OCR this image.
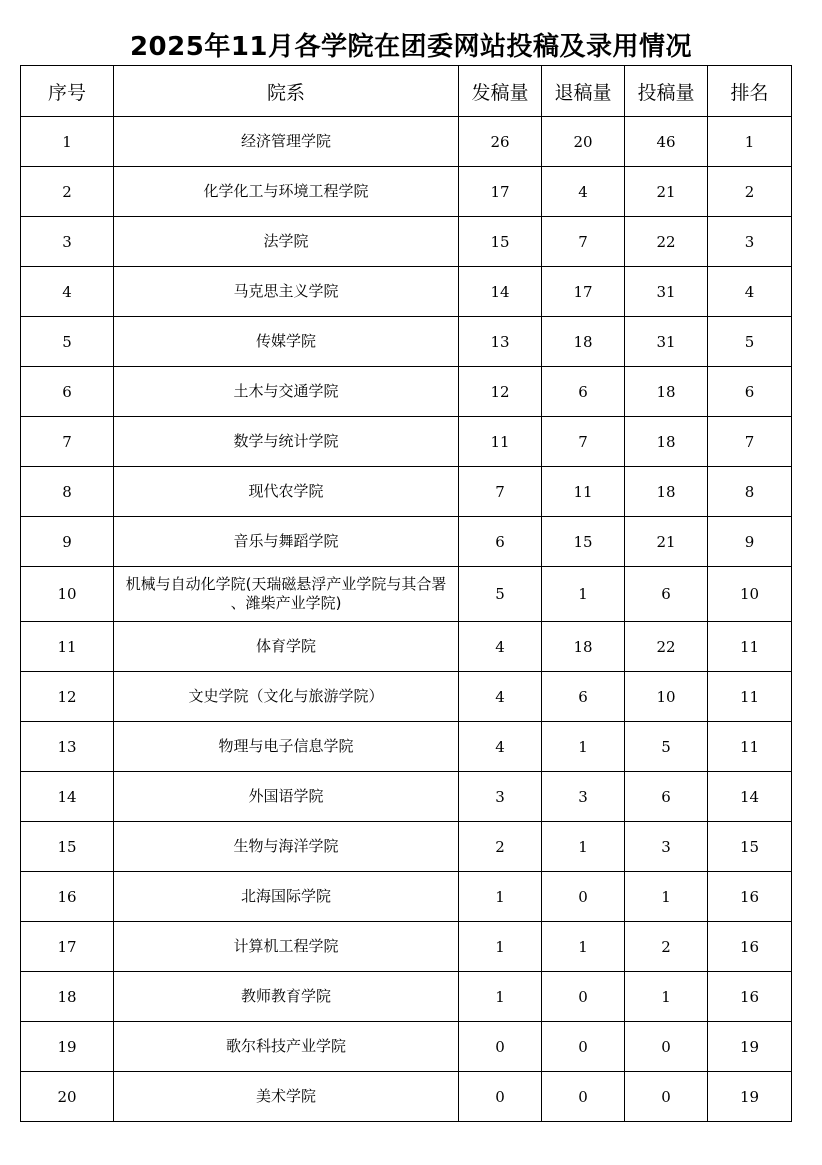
2025年11月各学院在团委网站投稿及录用情况
序号	院系	发稿量	退稿量	投稿量	排名
1	经济管理学院	26	20	46	1
2	化学化工与环境工程学院	17	4	21	2
3	法学院	15	7	22	3
4	马克思主义学院	14	17	31	4
5	传媒学院	13	18	31	5
6	土木与交通学院	12	6	18	6
7	数学与统计学院	11	7	18	7
8	现代农学院	7	11	18	8
9	音乐与舞蹈学院	6	15	21	9
10	机械与自动化学院(天瑞磁悬浮产业学院与其合署 、潍柴产业学院)	5	1	6	10
11	体育学院	4	18	22	11
12	文史学院（文化与旅游学院）	4	6	10	11
13	物理与电子信息学院	4	1	5	11
14	外国语学院	3	3	6	14
15	生物与海洋学院	2	1	3	15
16	北海国际学院	1	0	1	16
17	计算机工程学院	1	1	2	16
18	教师教育学院	1	0	1	16
19	歌尔科技产业学院	0	0	0	19
20	美术学院	0	0	0	19
